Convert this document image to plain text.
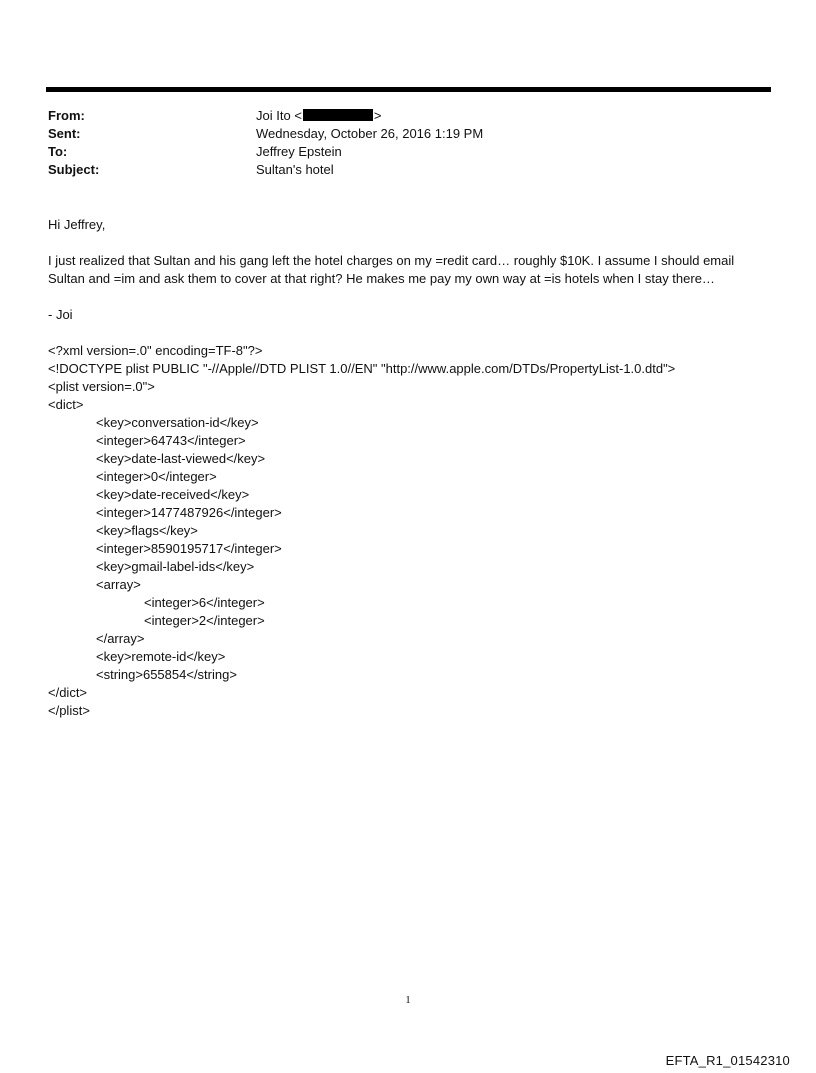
From:	Joi Ito <	>
Sent:	Wednesday, October 26, 2016 1:19 PM
To:	Jeffrey Epstein
Subject:	Sultan's hotel

Hi Jeffrey,

I just realized that Sultan and his gang left the hotel charges on my =redit card… roughly $10K. I assume I should email
Sultan and =im and ask them to cover at that right? He makes me pay my own way at =is hotels when I stay there…

- Joi

<?xml version=.0" encoding=TF-8"?>
<!DOCTYPE plist PUBLIC "-//Apple//DTD PLIST 1.0//EN" "http://www.apple.com/DTDs/PropertyList-1.0.dtd">
<plist version=.0">
<dict>
<key>conversation-id</key>
<integer>64743</integer>
<key>date-last-viewed</key>
<integer>0</integer>
<key>date-received</key>
<integer>1477487926</integer>
<key>flags</key>
<integer>8590195717</integer>
<key>gmail-label-ids</key>
<array>
<integer>6</integer>
<integer>2</integer>
</array>
<key>remote-id</key>
<string>655854</string>
</dict>
</plist>
1
EFTA_R1_01542310
